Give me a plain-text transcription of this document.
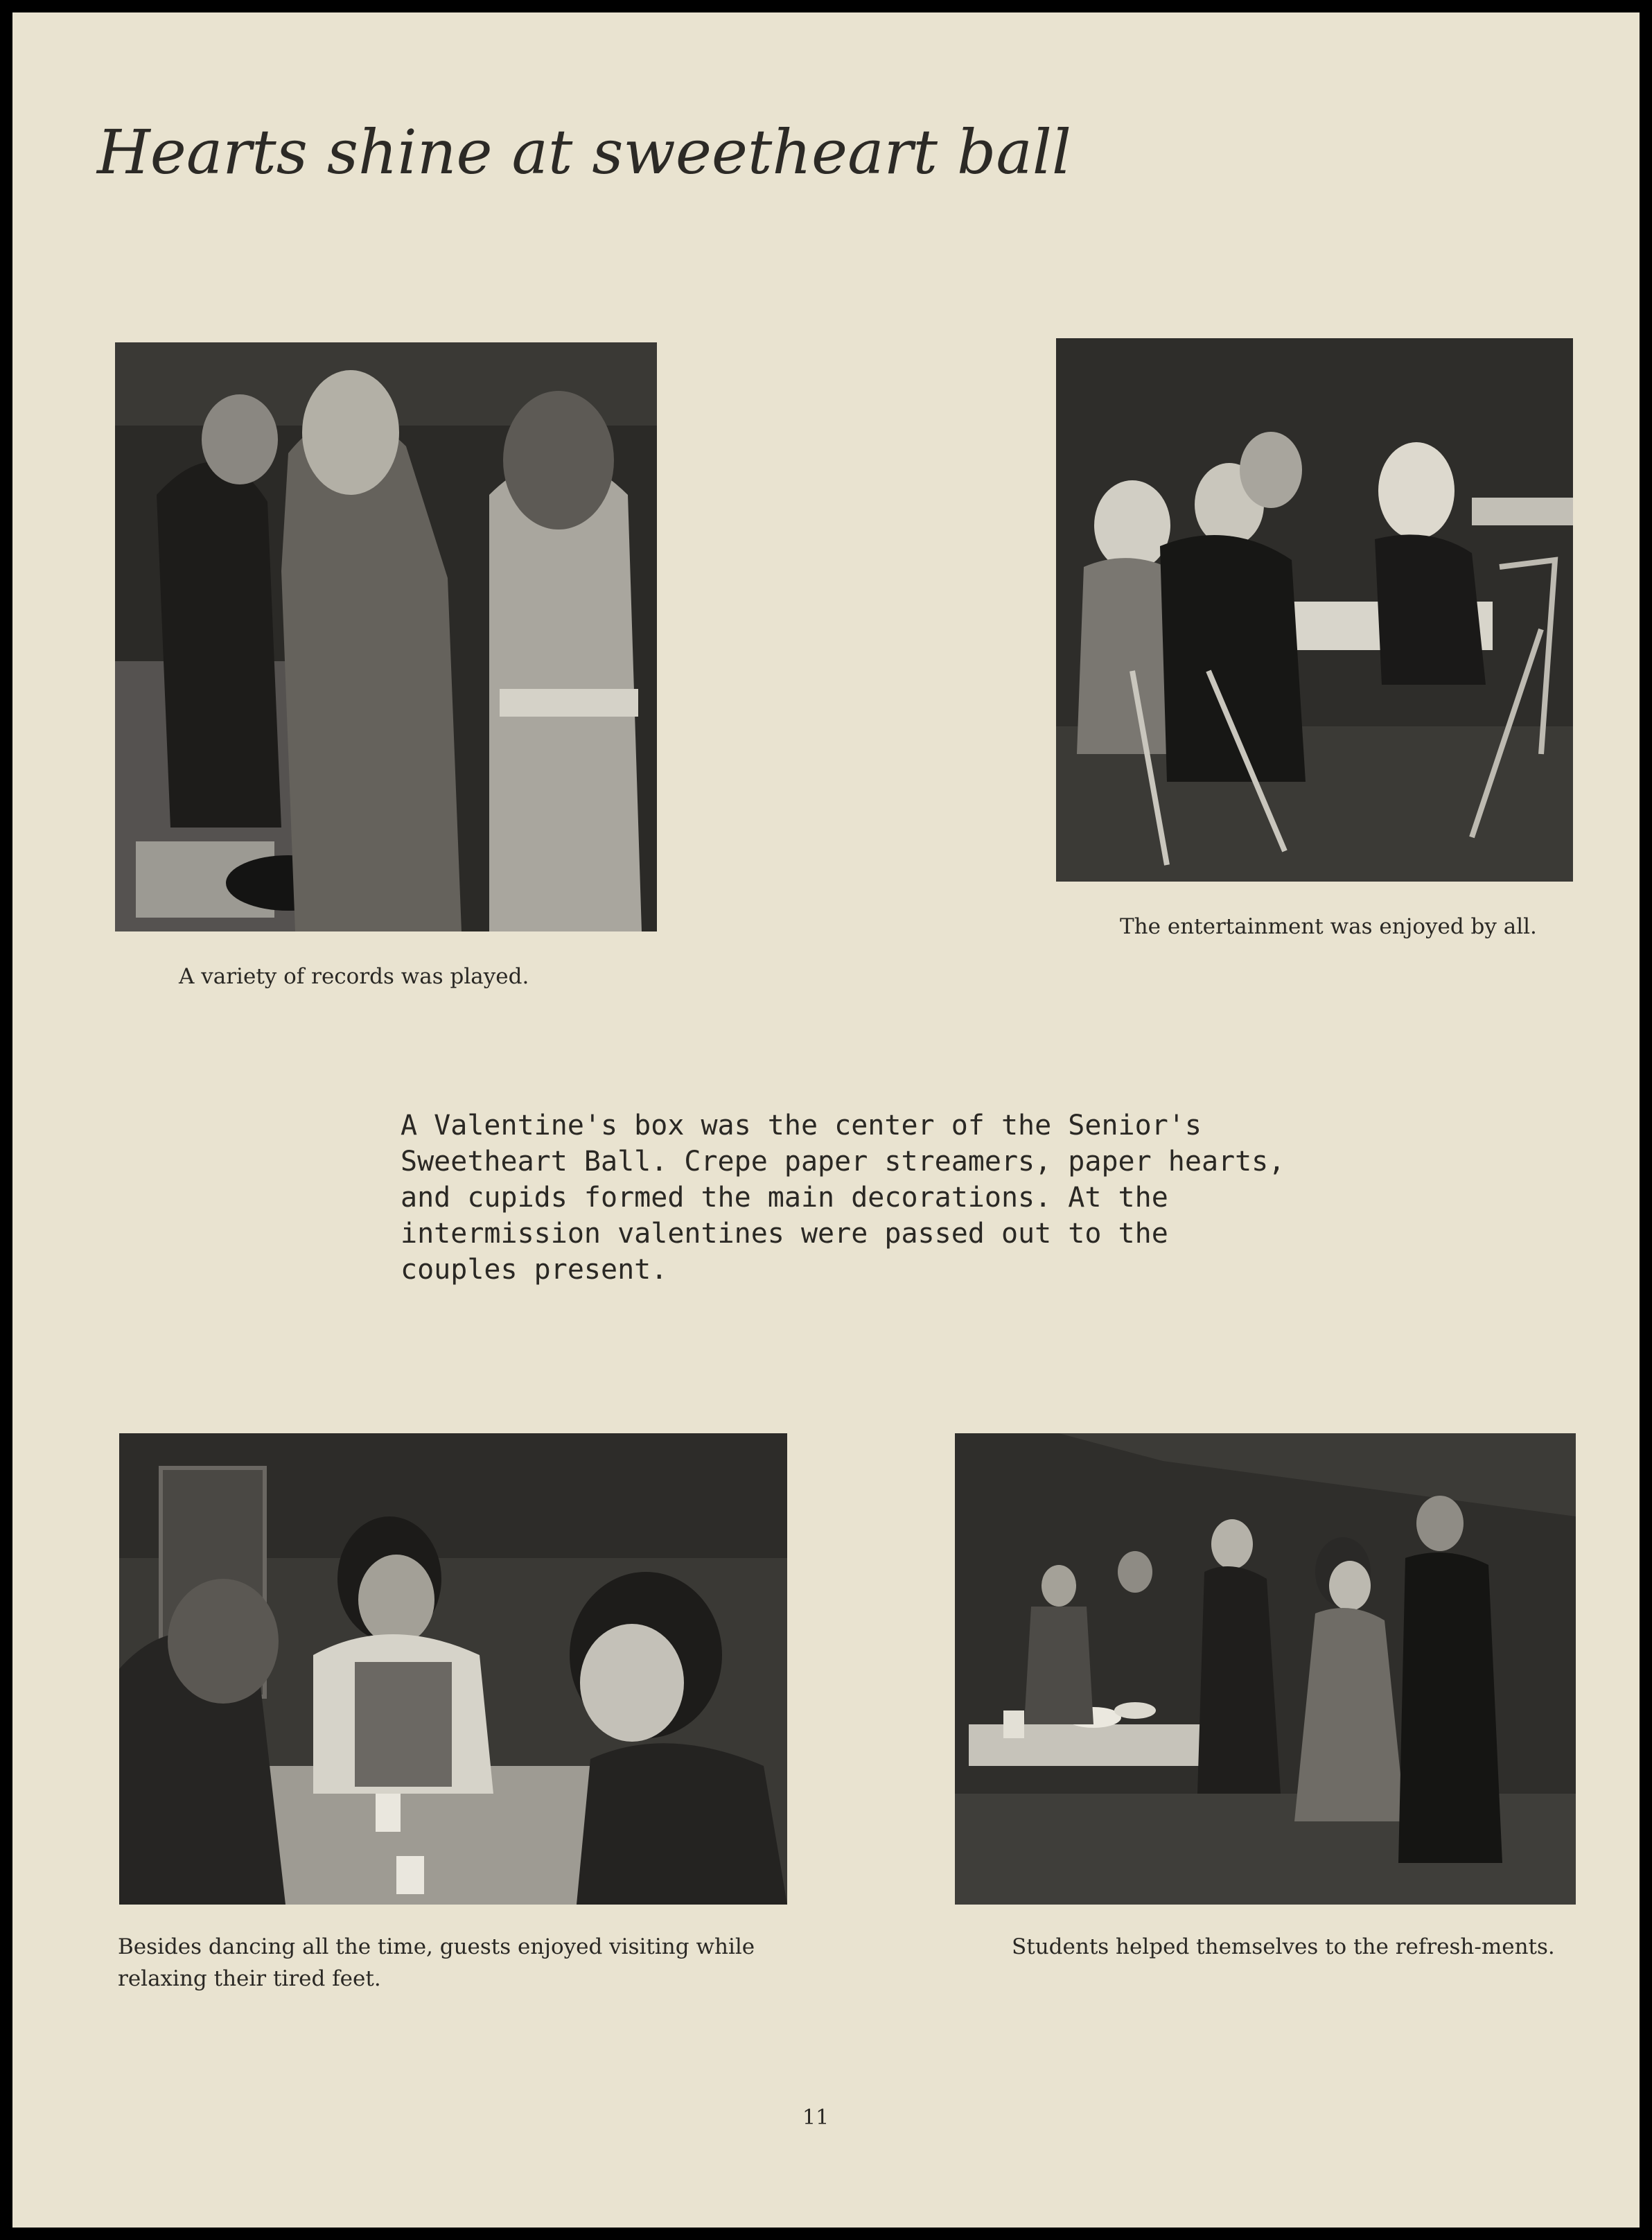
Hearts shine at sweetheart ball

A variety of records was played.

The entertainment was enjoyed by all.

A Valentine's box was the center of the Senior's Sweetheart Ball. Crepe paper streamers, paper hearts, and cupids formed the main decorations. At the intermission valentines were passed out to the couples present.

Besides dancing all the time, guests enjoyed visiting while relaxing their tired feet.

Students helped themselves to the refresh-ments.

11
